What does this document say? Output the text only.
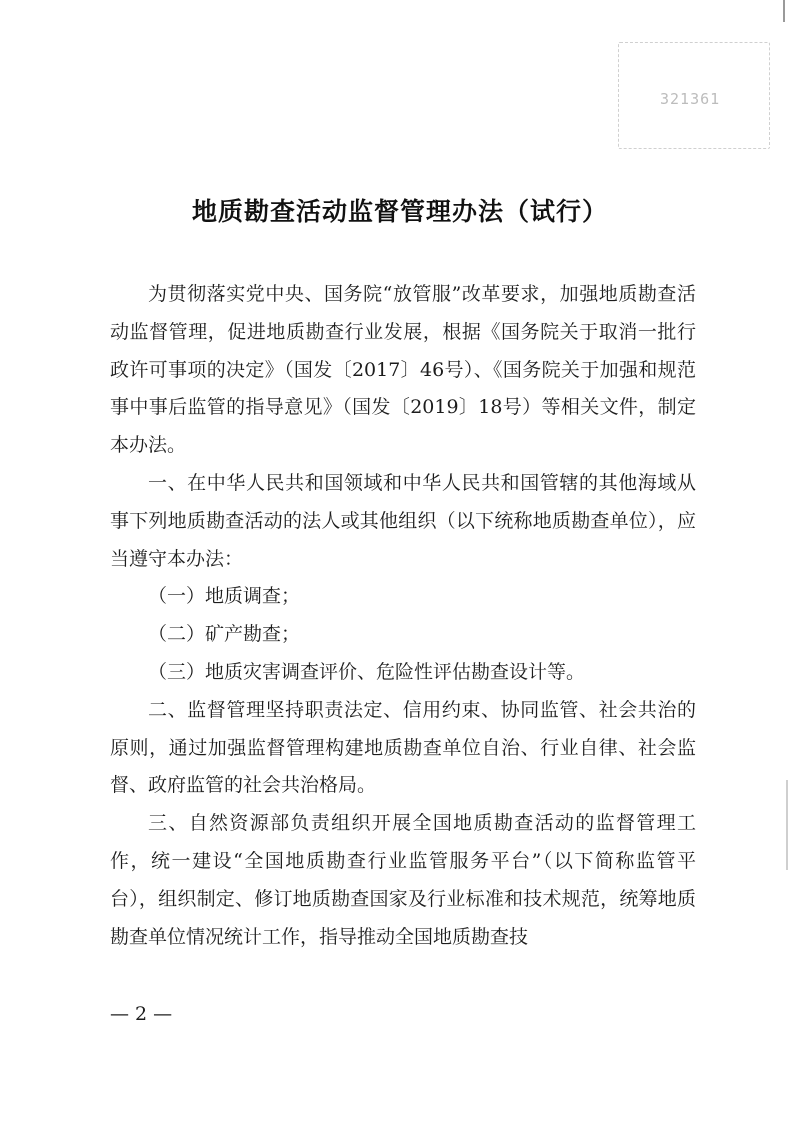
321361
地质勘查活动监督管理办法（试行）

为贯彻落实党中央、国务院“放管服”改革要求，加强地质勘查活动监督管理，促进地质勘查行业发展，根据《国务院关于取消一批行政许可事项的决定》（国发〔2017〕46号）、《国务院关于加强和规范事中事后监管的指导意见》（国发〔2019〕18号）等相关文件，制定本办法。

一、在中华人民共和国领域和中华人民共和国管辖的其他海域从事下列地质勘查活动的法人或其他组织（以下统称地质勘查单位），应当遵守本办法：

（一）地质调查；

（二）矿产勘查；

（三）地质灾害调查评价、危险性评估勘查设计等。

二、监督管理坚持职责法定、信用约束、协同监管、社会共治的原则，通过加强监督管理构建地质勘查单位自治、行业自律、社会监督、政府监管的社会共治格局。

三、自然资源部负责组织开展全国地质勘查活动的监督管理工作，统一建设“全国地质勘查行业监管服务平台”（以下简称监管平台），组织制定、修订地质勘查国家及行业标准和技术规范，统筹地质勘查单位情况统计工作，指导推动全国地质勘查技

— 2 —
